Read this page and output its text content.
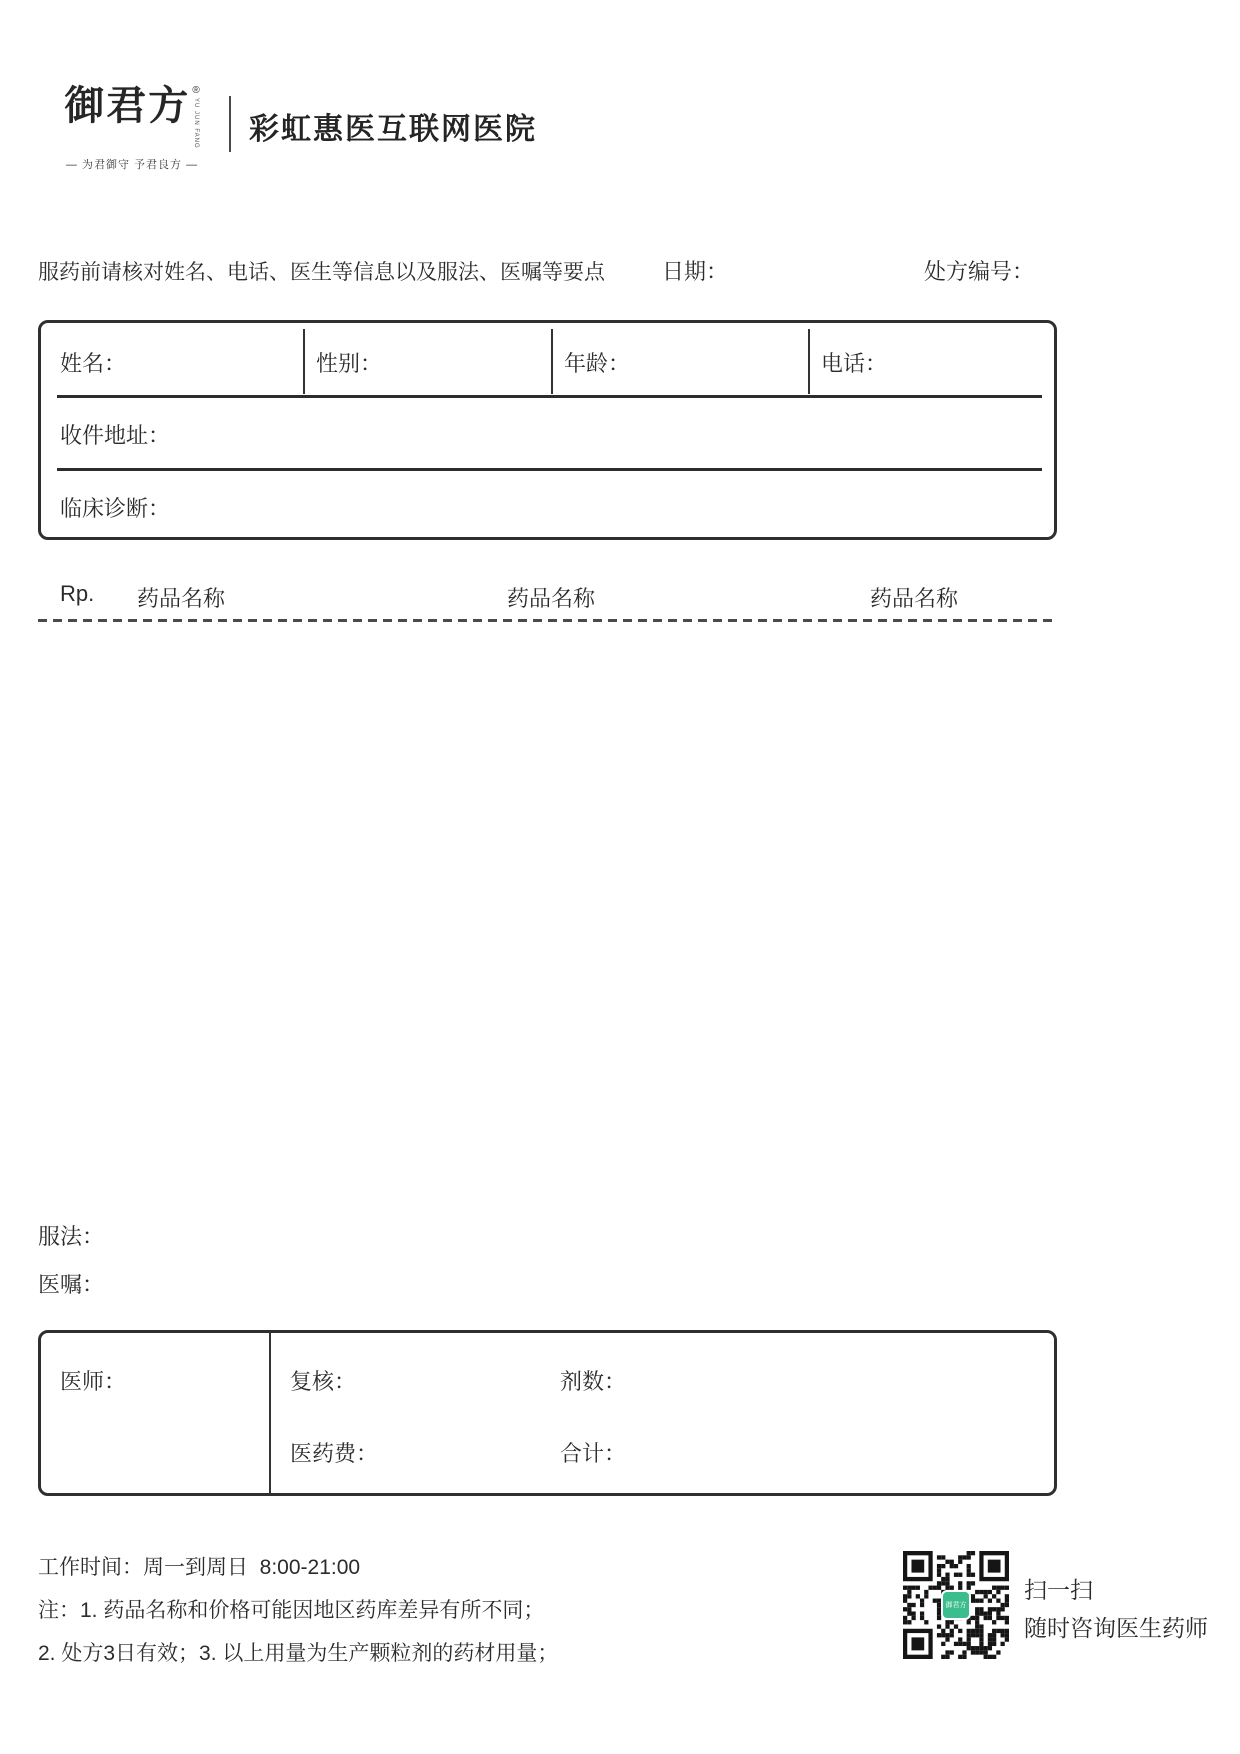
御君方 ®
YU JUN FANG
— 为君御守 予君良方 —
彩虹惠医互联网医院
服药前请核对姓名、电话、医生等信息以及服法、医嘱等要点	日期：	处方编号：
姓名：	性别：	年龄：	电话：
收件地址：
临床诊断：
Rp. 药品名称	药品名称	药品名称
服法：
医嘱：
医师：	复核：	剂数：
医药费：	合计：
工作时间：周一到周日  8:00-21:00
注：1. 药品名称和价格可能因地区药库差异有所不同；
2. 处方3日有效；3. 以上用量为生产颗粒剂的药材用量；
御君方
扫一扫
随时咨询医生药师
